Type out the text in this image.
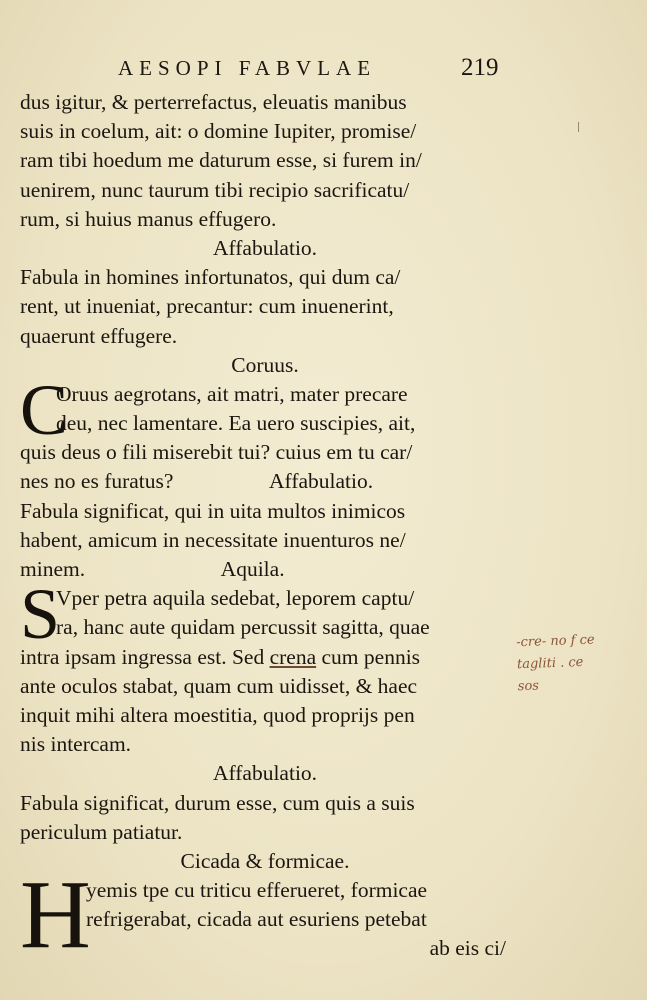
AESOPI FABVLAE	219
dus igitur, & perterrefactus, eleuatis manibus
suis in coelum, ait: o domine Iupiter, promise/
ram tibi hoedum me daturum esse, si furem in/
uenirem, nunc taurum tibi recipio sacrificatu/
rum, si huius manus effugero.
Affabulatio.
Fabula in homines infortunatos, qui dum ca/
rent, ut inueniat, precantur: cum inuenerint,
quaerunt effugere.
Coruus.
C
Oruus aegrotans, ait matri, mater precare
deu, nec lamentare. Ea uero suscipies, ait,
quis deus o fili miserebit tui? cuius em tu car/
nes no es furatus?	Affabulatio.
Fabula significat, qui in uita multos inimicos
habent, amicum in necessitate inuenturos ne/
minem.	Aquila.
S
Vper petra aquila sedebat, leporem captu/
ra, hanc aute quidam percussit sagitta, quae
intra ipsam ingressa est. Sed crena cum pennis
ante oculos stabat, quam cum uidisset, & haec
inquit mihi altera moestitia, quod proprijs pen
nis intercam.
Affabulatio.
Fabula significat, durum esse, cum quis a suis
periculum patiatur.
Cicada & formicae.
H
yemis tpe cu triticu efferueret, formicae
refrigerabat, cicada aut esuriens petebat
ab eis ci/
-cre- no f ce
tagliti . ce
sos
